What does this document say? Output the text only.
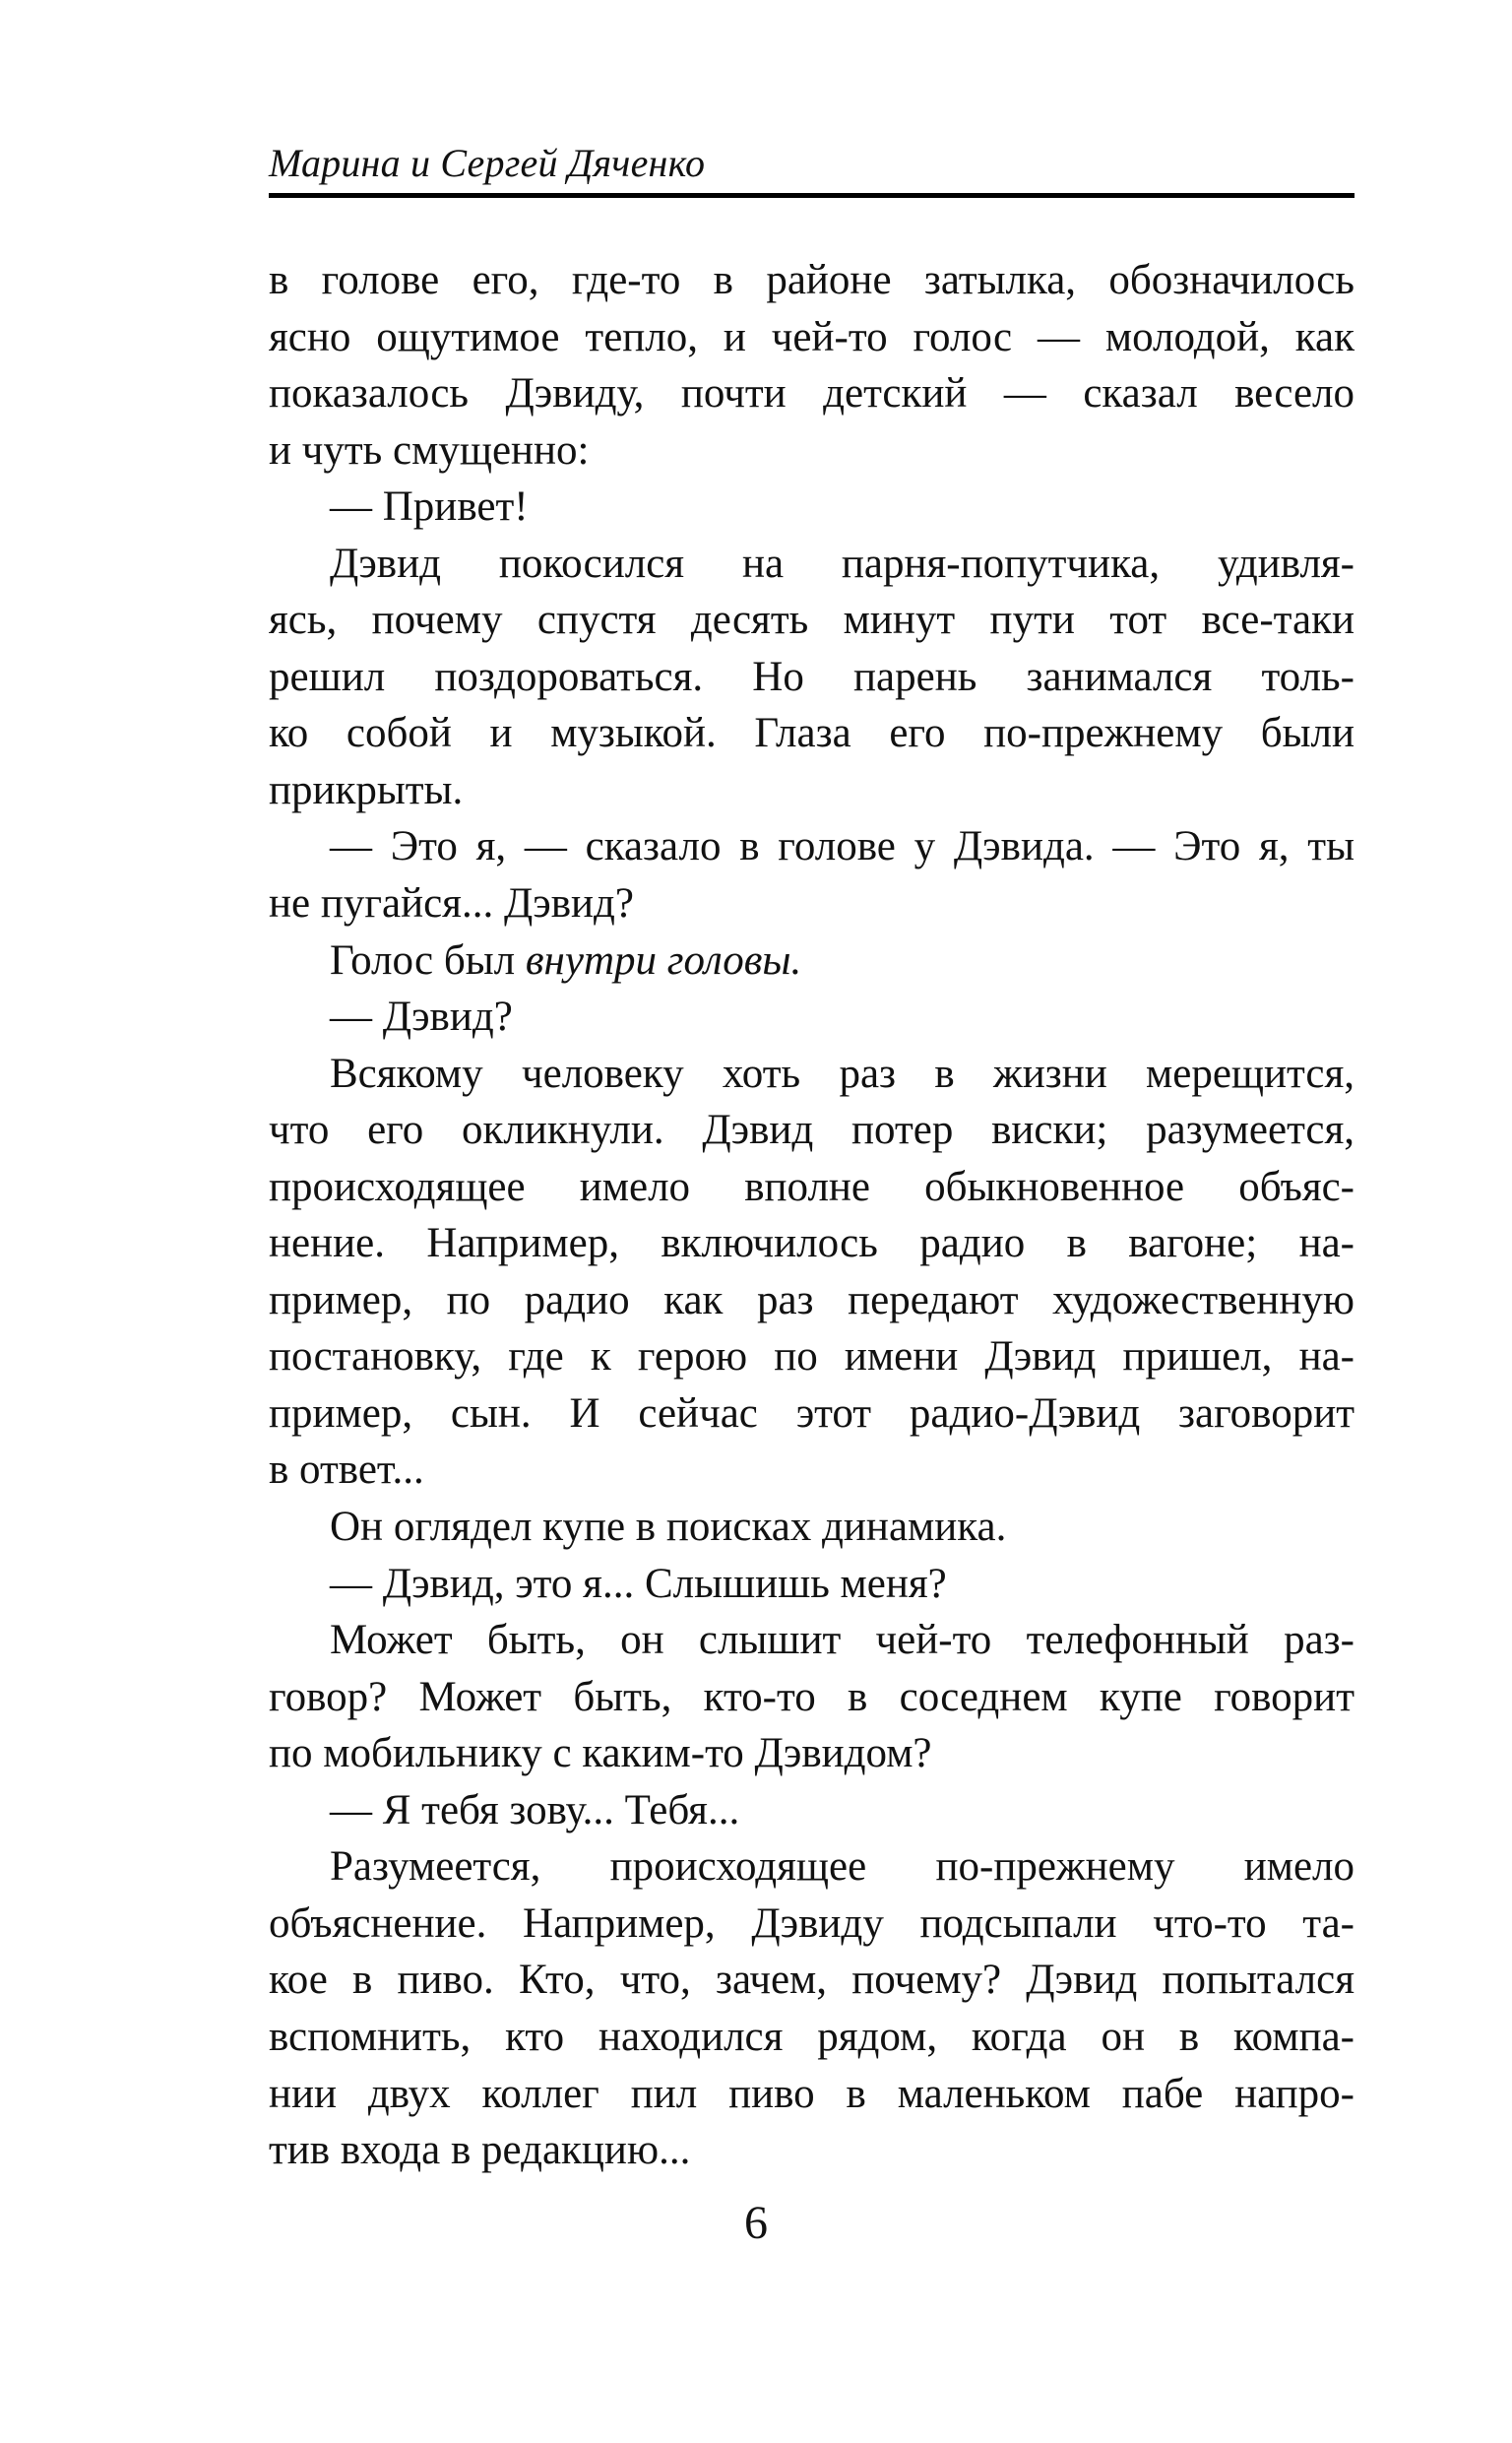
Марина и Сергей Дяченко
в голове его, где-то в районе затылка, обозначилось
ясно ощутимое тепло, и чей-то голос — молодой, как
показалось Дэвиду, почти детский — сказал весело
и чуть смущенно:
— Привет!
Дэвид покосился на парня-попутчика, удивля-
ясь, почему спустя десять минут пути тот все-таки
решил поздороваться. Но парень занимался толь-
ко собой и музыкой. Глаза его по-прежнему были
прикрыты.
— Это я, — сказало в голове у Дэвида. — Это я, ты
не пугайся... Дэвид?
Голос был внутри головы.
— Дэвид?
Всякому человеку хоть раз в жизни мерещится,
что его окликнули. Дэвид потер виски; разумеется,
происходящее имело вполне обыкновенное объяс-
нение. Например, включилось радио в вагоне; на-
пример, по радио как раз передают художественную
постановку, где к герою по имени Дэвид пришел, на-
пример, сын. И сейчас этот радио-Дэвид заговорит
в ответ...
Он оглядел купе в поисках динамика.
— Дэвид, это я... Слышишь меня?
Может быть, он слышит чей-то телефонный раз-
говор? Может быть, кто-то в соседнем купе говорит
по мобильнику с каким-то Дэвидом?
— Я тебя зову... Тебя...
Разумеется, происходящее по-прежнему имело
объяснение. Например, Дэвиду подсыпали что-то та-
кое в пиво. Кто, что, зачем, почему? Дэвид попытался
вспомнить, кто находился рядом, когда он в компа-
нии двух коллег пил пиво в маленьком пабе напро-
тив входа в редакцию...
6
